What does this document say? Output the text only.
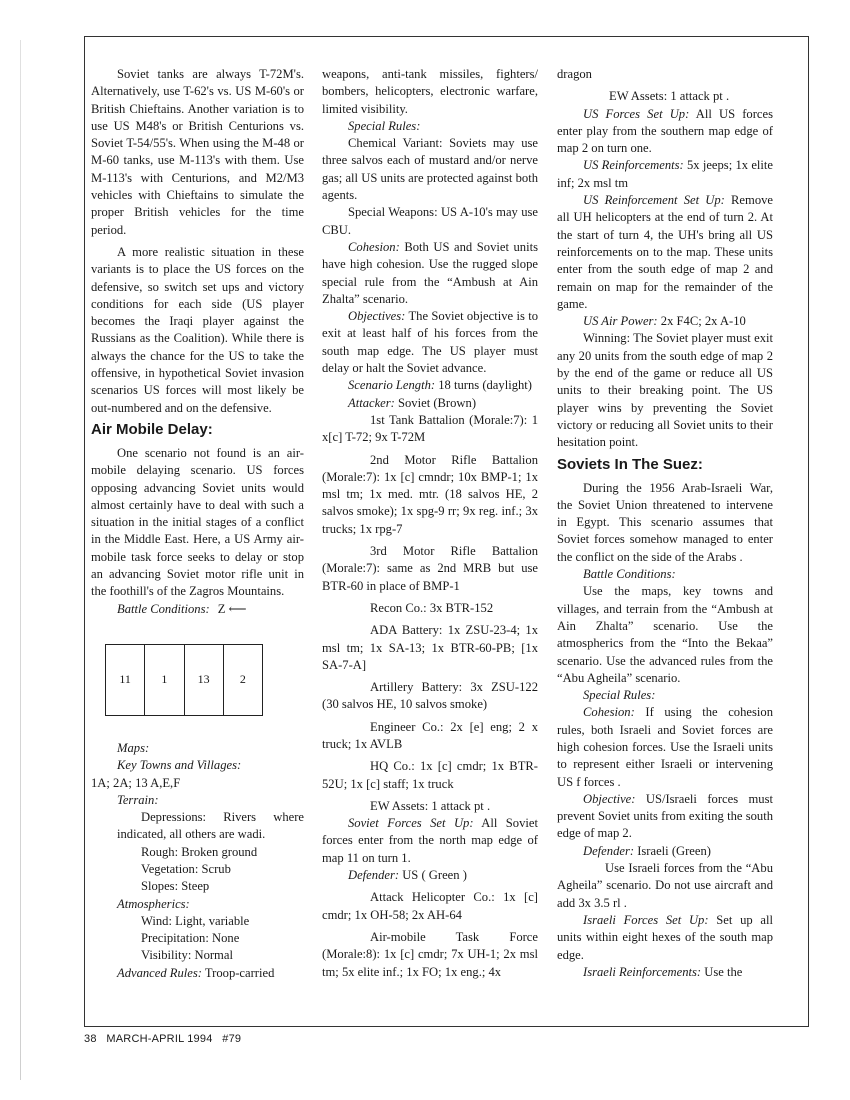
Soviet tanks are always T-72M's. Alternatively, use T-62's vs. US M-60's or British Chieftains. Another variation is to use US M48's or British Centurions vs. Soviet T-54/55's. When using the M-48 or M-60 tanks, use M-113's with them. Use M-113's with Centurions, and M2/M3 vehicles with Chieftains to simulate the proper British vehicles for the time period.

A more realistic situation in these variants is to place the US forces on the defensive, so switch set ups and victory conditions for each side (US player becomes the Iraqi player against the Russians as the Coalition). While there is always the chance for the US to take the offensive, in hypothetical Soviet invasion scenarios US forces will most likely be out-numbered and on the defensive.

Air Mobile Delay:

One scenario not found is an air-mobile delaying scenario. US forces opposing advancing Soviet units would almost certainly have to deal with such a situation in the initial stages of a conflict in the Middle East. Here, a US Army air-mobile task force seeks to delay or stop an advancing Soviet motor rifle unit in the foothill's of the Zagros Mountains.

Battle Conditions: Z ⟵

11	1	13	2

Maps:

Key Towns and Villages:

1A; 2A; 13 A,E,F

Terrain:

Depressions: Rivers where indicated, all others are wadi.

Rough: Broken ground

Vegetation: Scrub

Slopes: Steep

Atmospherics:

Wind: Light, variable

Precipitation: None

Visibility: Normal

Advanced Rules: Troop-carried

weapons, anti-tank missiles, fighters/ bombers, helicopters, electronic warfare, limited visibility.

Special Rules:

Chemical Variant: Soviets may use three salvos each of mustard and/or nerve gas; all US units are protected against both agents.

Special Weapons: US A-10's may use CBU.

Cohesion: Both US and Soviet units have high cohesion. Use the rugged slope special rule from the “Ambush at Ain Zhalta” scenario.

Objectives: The Soviet objective is to exit at least half of his forces from the south map edge. The US player must delay or halt the Soviet advance.

Scenario Length: 18 turns (daylight)

Attacker: Soviet (Brown)

1st Tank Battalion (Morale:7): 1 x[c] T-72; 9x T-72M

2nd Motor Rifle Battalion (Morale:7): 1x [c] cmndr; 10x BMP-1; 1x msl tm; 1x med. mtr. (18 salvos HE, 2 salvos smoke); 1x spg-9 rr; 9x reg. inf.; 3x trucks; 1x rpg-7

3rd Motor Rifle Battalion (Morale:7): same as 2nd MRB but use BTR-60 in place of BMP-1

Recon Co.: 3x BTR-152

ADA Battery: 1x ZSU-23-4; 1x msl tm; 1x SA-13; 1x BTR-60-PB; [1x SA-7-A]

Artillery Battery: 3x ZSU-122 (30 salvos HE, 10 salvos smoke)

Engineer Co.: 2x [e] eng; 2 x truck; 1x AVLB

HQ Co.: 1x [c] cmdr; 1x BTR-52U; 1x [c] staff; 1x truck

EW Assets: 1 attack pt .

Soviet Forces Set Up: All Soviet forces enter from the north map edge of map 11 on turn 1.

Defender: US ( Green )

Attack Helicopter Co.: 1x [c] cmdr; 1x OH-58; 2x AH-64

Air-mobile Task Force (Morale:8): 1x [c] cmdr; 7x UH-1; 2x msl tm; 5x elite inf.; 1x FO; 1x eng.; 4x

dragon

EW Assets: 1 attack pt .

US Forces Set Up: All US forces enter play from the southern map edge of map 2 on turn one.

US Reinforcements: 5x jeeps; 1x elite inf; 2x msl tm

US Reinforcement Set Up: Remove all UH helicopters at the end of turn 2. At the start of turn 4, the UH's bring all US reinforcements on to the map. These units enter from the south edge of map 2 and remain on map for the remainder of the game.

US Air Power: 2x F4C; 2x A-10

Winning: The Soviet player must exit any 20 units from the south edge of map 2 by the end of the game or reduce all US units to their breaking point. The US player wins by preventing the Soviet victory or reducing all Soviet units to their hesitation point.

Soviets In The Suez:

During the 1956 Arab-Israeli War, the Soviet Union threatened to intervene in Egypt. This scenario assumes that Soviet forces somehow managed to enter the conflict on the side of the Arabs .

Battle Conditions:

Use the maps, key towns and villages, and terrain from the “Ambush at Ain Zhalta” scenario. Use the atmospherics from the “Into the Bekaa” scenario. Use the advanced rules from the “Abu Agheila” scenario.

Special Rules:

Cohesion: If using the cohesion rules, both Israeli and Soviet forces are high cohesion forces. Use the Israeli units to represent either Israeli or intervening US f forces .

Objective: US/Israeli forces must prevent Soviet units from exiting the south edge of map 2.

Defender: Israeli (Green)

Use Israeli forces from the “Abu Agheila” scenario. Do not use aircraft and add 3x 3.5 rl .

Israeli Forces Set Up: Set up all units within eight hexes of the south map edge.

Israeli Reinforcements: Use the

38   MARCH-APRIL 1994   #79
